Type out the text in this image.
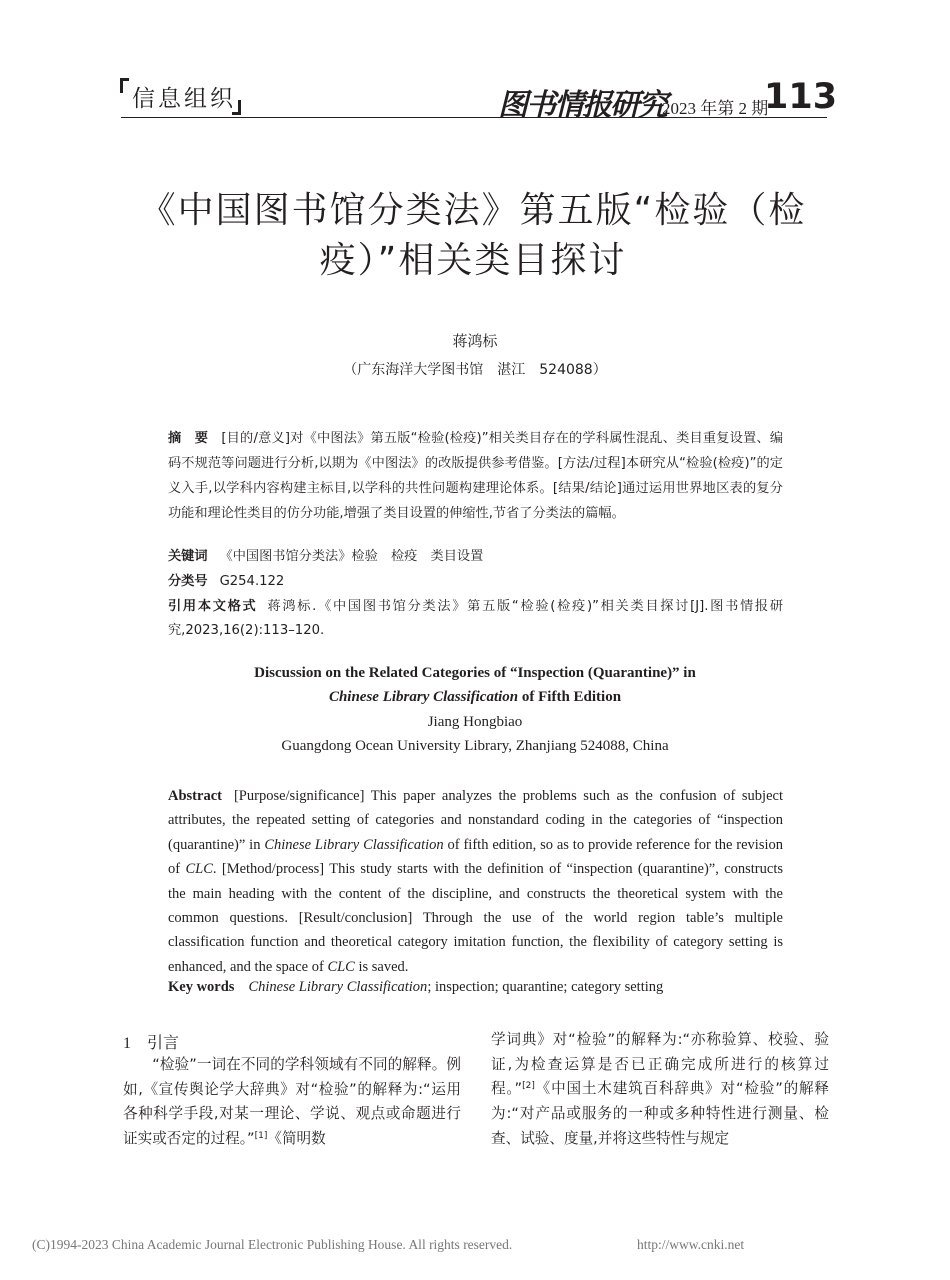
信息组织	图书情报研究
2023 年第 2 期
113
《中国图书馆分类法》第五版“检验（检疫）”相关类目探讨
蒋鸿标
（广东海洋大学图书馆　湛江　524088）
摘　要 [目的/意义]对《中图法》第五版“检验(检疫)”相关类目存在的学科属性混乱、类目重复设置、编码不规范等问题进行分析,以期为《中图法》的改版提供参考借鉴。[方法/过程]本研究从“检验(检疫)”的定义入手,以学科内容构建主标目,以学科的共性问题构建理论体系。[结果/结论]通过运用世界地区表的复分功能和理论性类目的仿分功能,增强了类目设置的伸缩性,节省了分类法的篇幅。
关键词 《中国图书馆分类法》检验　检疫　类目设置
分类号 G254.122
引用本文格式 蒋鸿标.《中国图书馆分类法》第五版“检验(检疫)”相关类目探讨[J].图书情报研究,2023,16(2):113–120.
Discussion on the Related Categories of “Inspection (Quarantine)” in
Chinese Library Classification of Fifth Edition
Jiang Hongbiao
Guangdong Ocean University Library, Zhanjiang 524088, China
Abstract [Purpose/significance] This paper analyzes the problems such as the confusion of subject attributes, the repeated setting of categories and nonstandard coding in the categories of “inspection (quarantine)” in Chinese Library Classification of fifth edition, so as to provide reference for the revision of CLC. [Method/process] This study starts with the definition of “inspection (quarantine)”, constructs the main heading with the content of the discipline, and constructs the theoretical system with the common questions. [Result/conclusion] Through the use of the world region table’s multiple classification function and theoretical category imitation function, the flexibility of category setting is enhanced, and the space of CLC is saved.
Key words Chinese Library Classification; inspection; quarantine; category setting
1 引言
“检验”一词在不同的学科领域有不同的解释。例如,《宣传舆论学大辞典》对“检验”的解释为:“运用各种科学手段,对某一理论、学说、观点或命题进行证实或否定的过程。”[1]《简明数
学词典》对“检验”的解释为:“亦称验算、校验、验证,为检查运算是否已正确完成所进行的核算过程。”[2]《中国土木建筑百科辞典》对“检验”的解释为:“对产品或服务的一种或多种特性进行测量、检查、试验、度量,并将这些特性与规定
(C)1994-2023 China Academic Journal Electronic Publishing House. All rights reserved.	http://www.cnki.net
